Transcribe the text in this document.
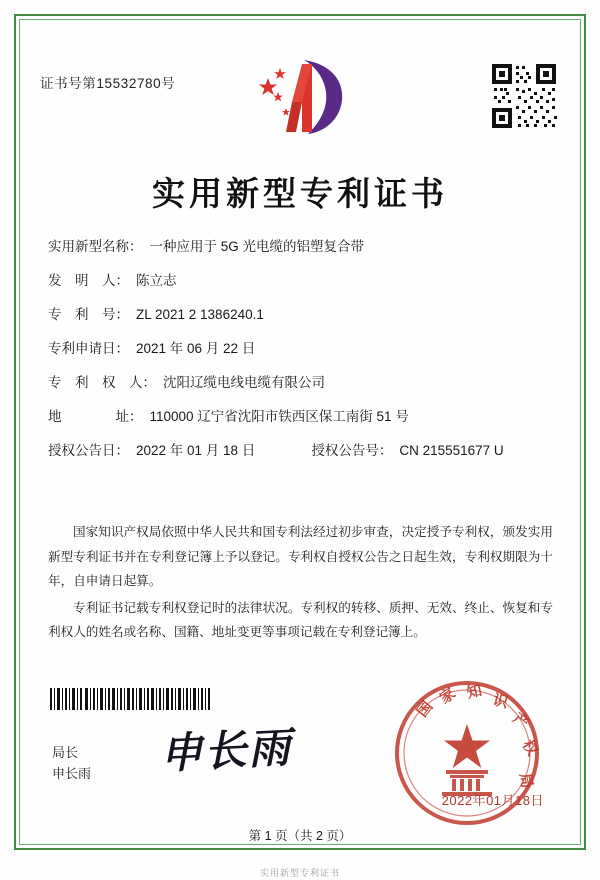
证书号第15532780号
实用新型专利证书
实用新型名称： 一种应用于 5G 光电缆的铝塑复合带
发　明　人： 陈立志
专　利　号： ZL 2021 2 1386240.1
专利申请日： 2021 年 06 月 22 日
专　利　权　人： 沈阳辽缆电线电缆有限公司
地　　　　址： 110000 辽宁省沈阳市铁西区保工南街 51 号
授权公告日： 2022 年 01 月 18 日	授权公告号： CN 215551677 U

国家知识产权局依照中华人民共和国专利法经过初步审查，决定授予专利权，颁发实用新型专利证书并在专利登记簿上予以登记。专利权自授权公告之日起生效，专利权期限为十年，自申请日起算。

专利证书记载专利权登记时的法律状况。专利权的转移、质押、无效、终止、恢复和专利权人的姓名或名称、国籍、地址变更等事项记载在专利登记簿上。

局长
申长雨 申长雨
国
家 知 识
产
权
局
2022年01月18日
第 1 页（共 2 页）
实用新型专利证书
